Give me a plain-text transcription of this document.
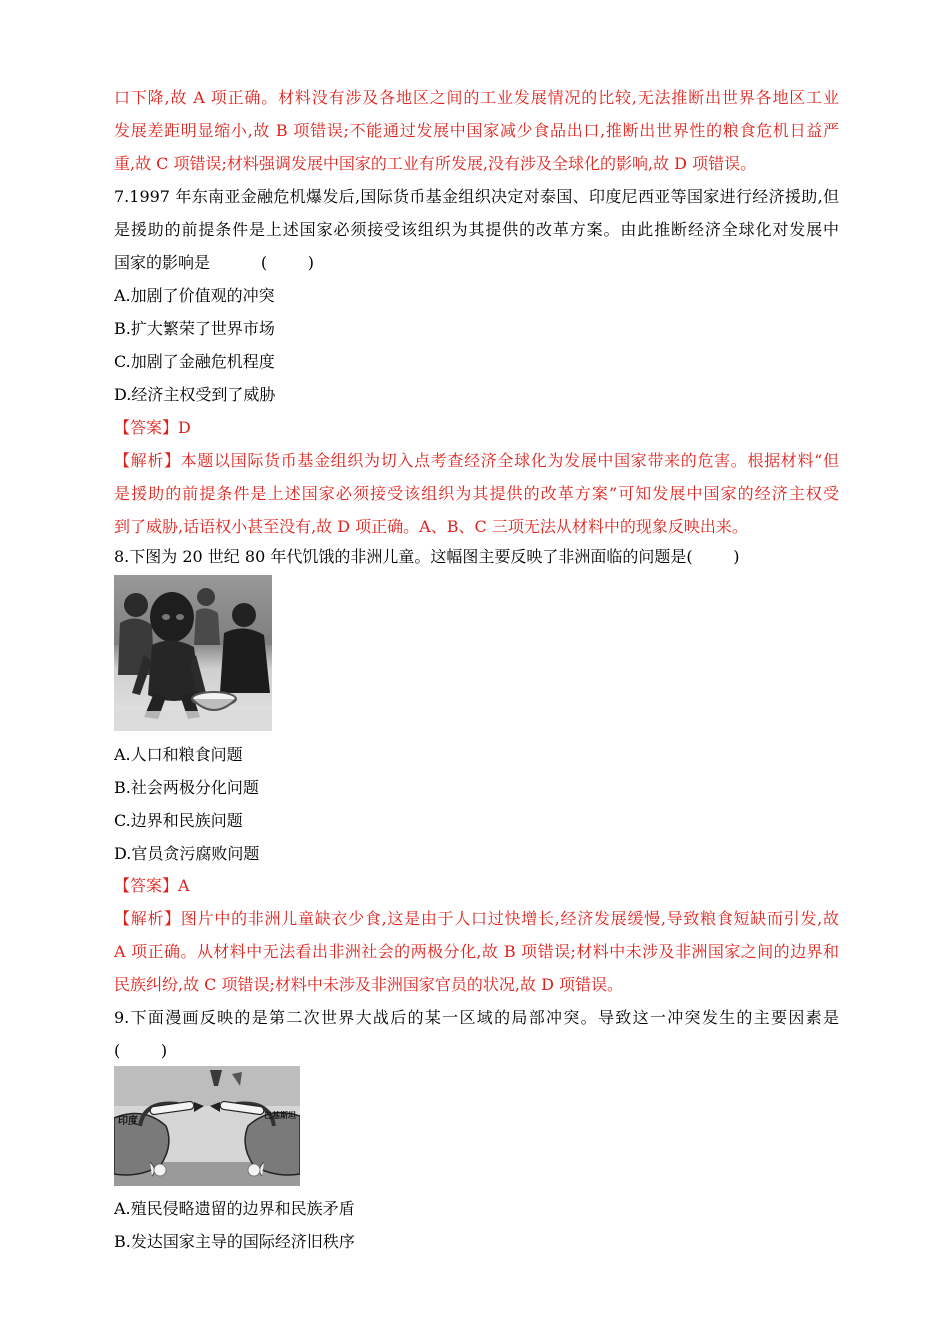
口下降,故 A 项正确。材料没有涉及各地区之间的工业发展情况的比较,无法推断出世界各地区工业
发展差距明显缩小,故 B 项错误;不能通过发展中国家减少食品出口,推断出世界性的粮食危机日益严
重,故 C 项错误;材料强调发展中国家的工业有所发展,没有涉及全球化的影响,故 D 项错误。
7.1997 年东南亚金融危机爆发后,国际货币基金组织决定对泰国、印度尼西亚等国家进行经济援助,但
是援助的前提条件是上述国家必须接受该组织为其提供的改革方案。由此推断经济全球化对发展中
国家的影响是          (        )
A.加剧了价值观的冲突
B.扩大繁荣了世界市场
C.加剧了金融危机程度
D.经济主权受到了威胁
【答案】D
【解析】本题以国际货币基金组织为切入点考查经济全球化为发展中国家带来的危害。根据材料“但
是援助的前提条件是上述国家必须接受该组织为其提供的改革方案”可知发展中国家的经济主权受
到了威胁,话语权小甚至没有,故 D 项正确。A、B、C 三项无法从材料中的现象反映出来。
8.下图为 20 世纪 80 年代饥饿的非洲儿童。这幅图主要反映了非洲面临的问题是(        )
A.人口和粮食问题
B.社会两极分化问题
C.边界和民族问题
D.官员贪污腐败问题
【答案】A
【解析】图片中的非洲儿童缺衣少食,这是由于人口过快增长,经济发展缓慢,导致粮食短缺而引发,故
A 项正确。从材料中无法看出非洲社会的两极分化,故 B 项错误;材料中未涉及非洲国家之间的边界和
民族纠纷,故 C 项错误;材料中未涉及非洲国家官员的状况,故 D 项错误。
9.下面漫画反映的是第二次世界大战后的某一区域的局部冲突。导致这一冲突发生的主要因素是
(        )
印度
巴基斯坦
A.殖民侵略遗留的边界和民族矛盾
B.发达国家主导的国际经济旧秩序
